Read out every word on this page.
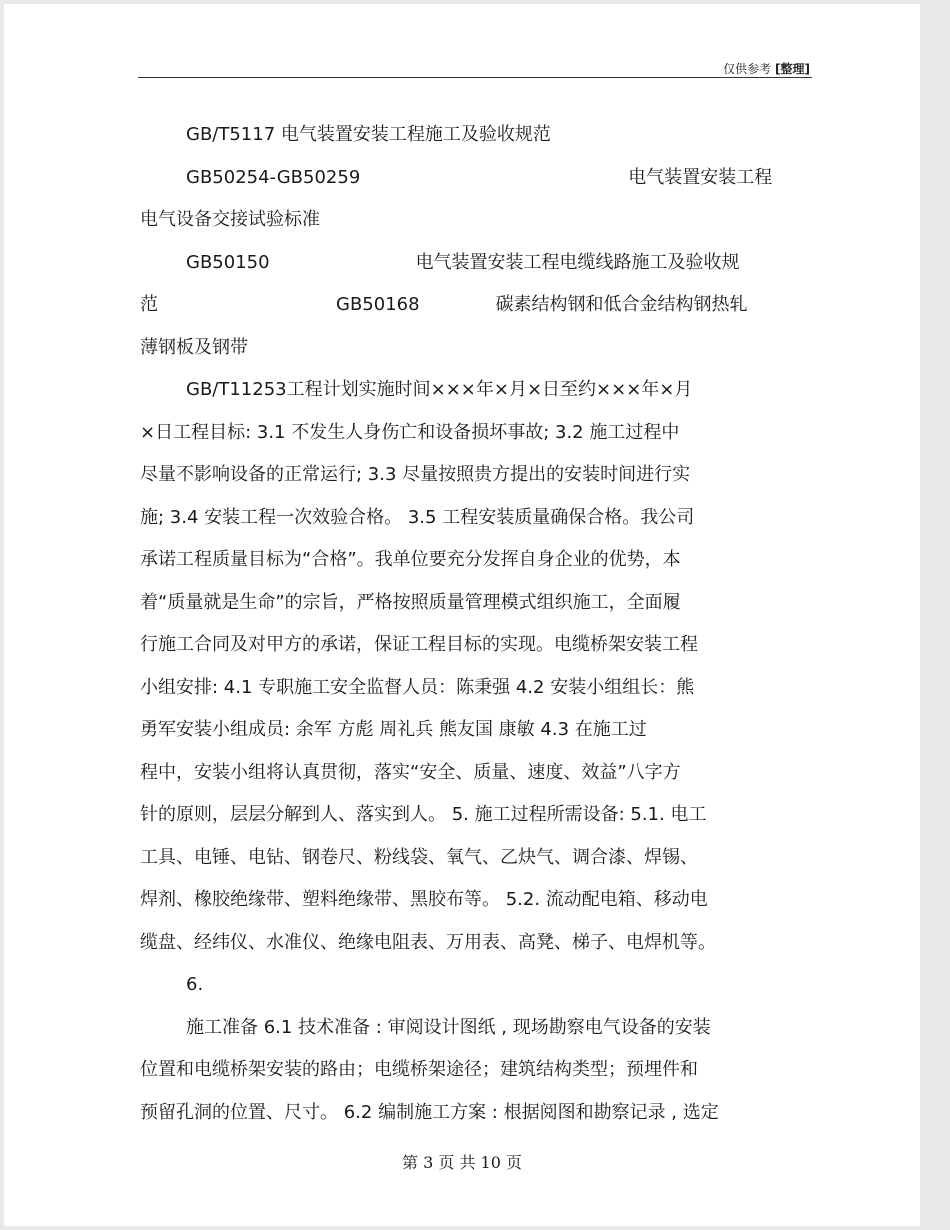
仅供参考 [整理]
GB/T5117 电气装置安装工程施工及验收规范
GB50254-GB50259	电气装置安装工程
电气设备交接试验标准
GB50150	电气装置安装工程电缆线路施工及验收规
范	GB50168	碳素结构钢和低合金结构钢热轧
薄钢板及钢带
GB/T11253工程计划实施时间×××年×月×日至约×××年×月
×日工程目标: 3.1 不发生人身伤亡和设备损坏事故; 3.2 施工过程中
尽量不影响设备的正常运行; 3.3 尽量按照贵方提出的安装时间进行实
施; 3.4 安装工程一次效验合格。 3.5 工程安装质量确保合格。我公司
承诺工程质量目标为“合格”。我单位要充分发挥自身企业的优势，本
着“质量就是生命”的宗旨，严格按照质量管理模式组织施工，全面履
行施工合同及对甲方的承诺，保证工程目标的实现。电缆桥架安装工程
小组安排: 4.1 专职施工安全监督人员：陈秉强 4.2 安装小组组长：熊
勇军安装小组成员: 余军 方彪 周礼兵 熊友国 康敏 4.3 在施工过
程中，安装小组将认真贯彻，落实“安全、质量、速度、效益”八字方
针的原则，层层分解到人、落实到人。 5. 施工过程所需设备: 5.1. 电工
工具、电锤、电钻、钢卷尺、粉线袋、氧气、乙炔气、调合漆、焊锡、
焊剂、橡胶绝缘带、塑料绝缘带、黑胶布等。 5.2. 流动配电箱、移动电
缆盘、经纬仪、水准仪、绝缘电阻表、万用表、高凳、梯子、电焊机等。
6.
施工准备 6.1 技术准备 : 审阅设计图纸 , 现场勘察电气设备的安装
位置和电缆桥架安装的路由；电缆桥架途径；建筑结构类型；预埋件和
预留孔洞的位置、尺寸。 6.2 编制施工方案 : 根据阅图和勘察记录 , 选定
第 3 页 共 10 页
